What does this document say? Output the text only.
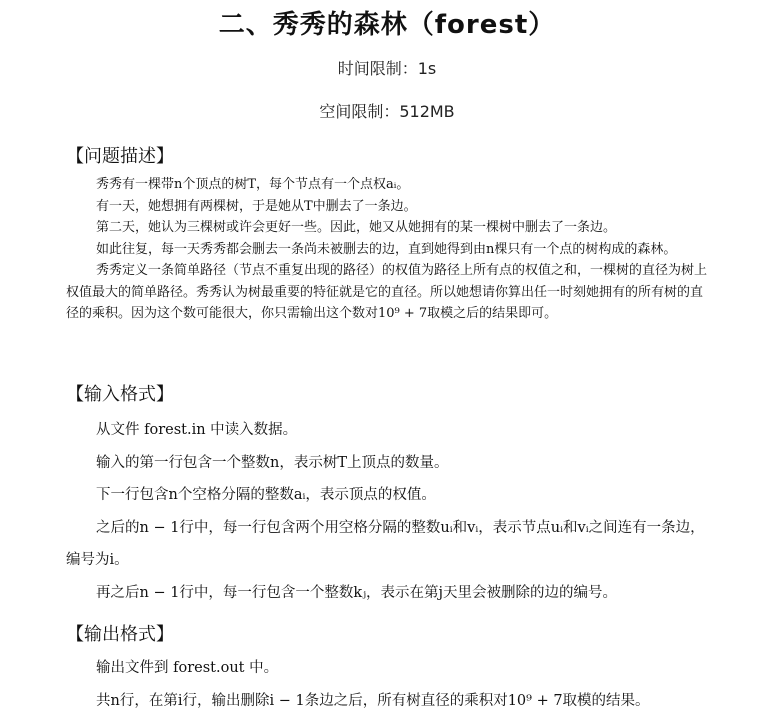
二、秀秀的森林（forest）
时间限制：1s
空间限制：512MB
【问题描述】

秀秀有一棵带n个顶点的树T，每个节点有一个点权aᵢ。

有一天，她想拥有两棵树，于是她从T中删去了一条边。

第二天，她认为三棵树或许会更好一些。因此，她又从她拥有的某一棵树中删去了一条边。

如此往复，每一天秀秀都会删去一条尚未被删去的边，直到她得到由n棵只有一个点的树构成的森林。

秀秀定义一条简单路径（节点不重复出现的路径）的权值为路径上所有点的权值之和，一棵树的直径为树上权值最大的简单路径。秀秀认为树最重要的特征就是它的直径。所以她想请你算出任一时刻她拥有的所有树的直径的乘积。因为这个数可能很大，你只需输出这个数对10⁹ + 7取模之后的结果即可。

【输入格式】

从文件 forest.in 中读入数据。

输入的第一行包含一个整数n，表示树T上顶点的数量。

下一行包含n个空格分隔的整数aᵢ，表示顶点的权值。

之后的n − 1行中，每一行包含两个用空格分隔的整数uᵢ和vᵢ，表示节点uᵢ和vᵢ之间连有一条边，编号为i。

再之后n − 1行中，每一行包含一个整数kⱼ，表示在第j天里会被删除的边的编号。

【输出格式】

输出文件到 forest.out 中。

共n行，在第i行，输出删除i − 1条边之后，所有树直径的乘积对10⁹ + 7取模的结果。
